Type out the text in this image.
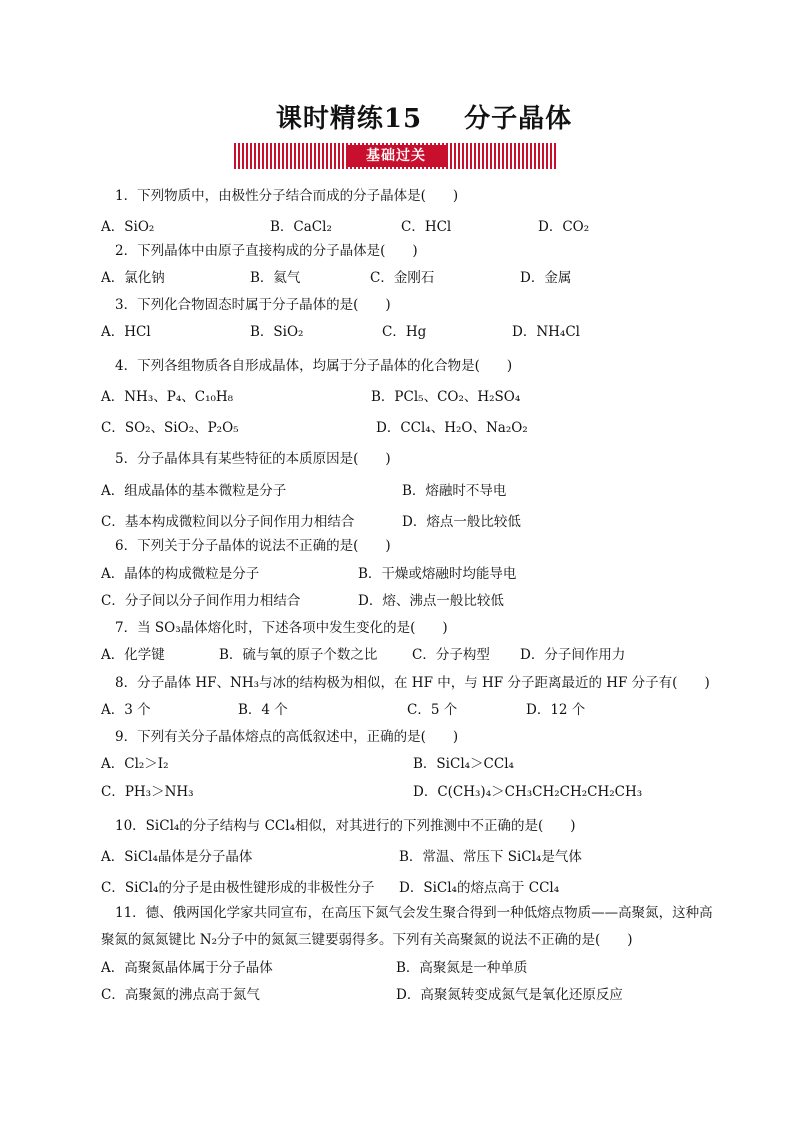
课时精练15 分子晶体
基础过关
1．下列物质中，由极性分子结合而成的分子晶体是(　　)
A．SiO₂	B．CaCl₂	C．HCl	D．CO₂
2．下列晶体中由原子直接构成的分子晶体是(　　)
A．氯化钠	B．氦气	C．金刚石	D．金属
3．下列化合物固态时属于分子晶体的是(　　)
A．HCl	B．SiO₂	C．Hg	D．NH₄Cl
4．下列各组物质各自形成晶体，均属于分子晶体的化合物是(　　)
A．NH₃、P₄、C₁₀H₈	B．PCl₅、CO₂、H₂SO₄
C．SO₂、SiO₂、P₂O₅	D．CCl₄、H₂O、Na₂O₂
5．分子晶体具有某些特征的本质原因是(　　)
A．组成晶体的基本微粒是分子	B．熔融时不导电
C．基本构成微粒间以分子间作用力相结合	D．熔点一般比较低
6．下列关于分子晶体的说法不正确的是(　　)
A．晶体的构成微粒是分子	B．干燥或熔融时均能导电
C．分子间以分子间作用力相结合	D．熔、沸点一般比较低
7．当 SO₃晶体熔化时，下述各项中发生变化的是(　　)
A．化学键	B．硫与氧的原子个数之比	C．分子构型 D．分子间作用力
8．分子晶体 HF、NH₃与冰的结构极为相似，在 HF 中，与 HF 分子距离最近的 HF 分子有(　　)
A．3 个	B．4 个	C．5 个	D．12 个
9．下列有关分子晶体熔点的高低叙述中，正确的是(　　)
A．Cl₂＞I₂	B．SiCl₄＞CCl₄
C．PH₃＞NH₃	D．C(CH₃)₄＞CH₃CH₂CH₂CH₂CH₃
10．SiCl₄的分子结构与 CCl₄相似，对其进行的下列推测中不正确的是(　　)
A．SiCl₄晶体是分子晶体	B．常温、常压下 SiCl₄是气体
C．SiCl₄的分子是由极性键形成的非极性分子 D．SiCl₄的熔点高于 CCl₄
11．德、俄两国化学家共同宣布，在高压下氮气会发生聚合得到一种低熔点物质——高聚氮，这种高
聚氮的氮氮键比 N₂分子中的氮氮三键要弱得多。下列有关高聚氮的说法不正确的是(　　)
A．高聚氮晶体属于分子晶体	B．高聚氮是一种单质
C．高聚氮的沸点高于氮气	D．高聚氮转变成氮气是氧化还原反应
